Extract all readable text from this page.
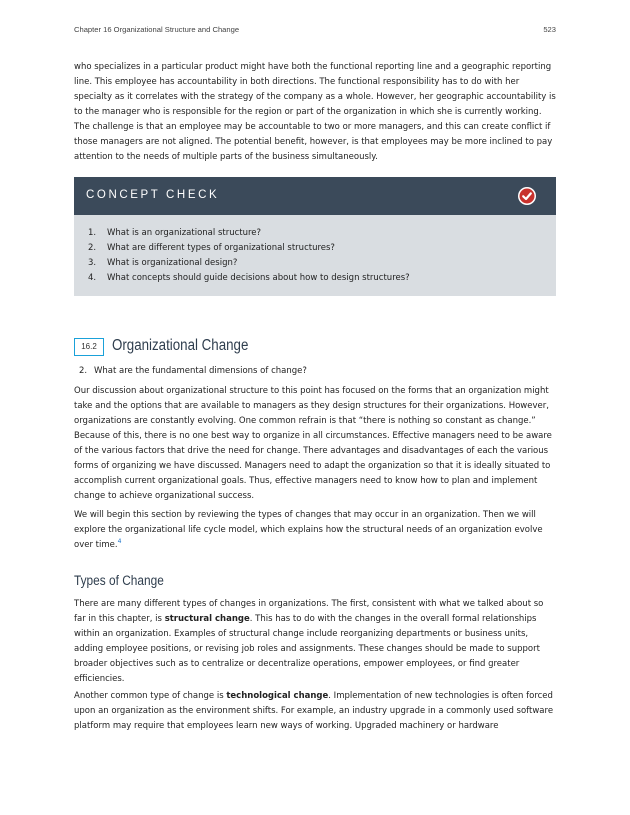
Chapter 16 Organizational Structure and Change	523

who specializes in a particular product might have both the functional reporting line and a geographic reporting line. This employee has accountability in both directions. The functional responsibility has to do with her specialty as it correlates with the strategy of the company as a whole. However, her geographic accountability is to the manager who is responsible for the region or part of the organization in which she is currently working. The challenge is that an employee may be accountable to two or more managers, and this can create conflict if those managers are not aligned. The potential benefit, however, is that employees may be more inclined to pay attention to the needs of multiple parts of the business simultaneously.

CONCEPT CHECK
1. What is an organizational structure?
2. What are different types of organizational structures?
3. What is organizational design?
4. What concepts should guide decisions about how to design structures?
16.2 Organizational Change
2. What are the fundamental dimensions of change?

Our discussion about organizational structure to this point has focused on the forms that an organization might take and the options that are available to managers as they design structures for their organizations. However, organizations are constantly evolving. One common refrain is that “there is nothing so constant as change.” Because of this, there is no one best way to organize in all circumstances. Effective managers need to be aware of the various factors that drive the need for change. There advantages and disadvantages of each the various forms of organizing we have discussed. Managers need to adapt the organization so that it is ideally situated to accomplish current organizational goals. Thus, effective managers need to know how to plan and implement change to achieve organizational success.

We will begin this section by reviewing the types of changes that may occur in an organization. Then we will explore the organizational life cycle model, which explains how the structural needs of an organization evolve over time.$^4$

Types of Change

There are many different types of changes in organizations. The first, consistent with what we talked about so far in this chapter, is structural change. This has to do with the changes in the overall formal relationships within an organization. Examples of structural change include reorganizing departments or business units, adding employee positions, or revising job roles and assignments. These changes should be made to support broader objectives such as to centralize or decentralize operations, empower employees, or find greater efficiencies.

Another common type of change is technological change. Implementation of new technologies is often forced upon an organization as the environment shifts. For example, an industry upgrade in a commonly used software platform may require that employees learn new ways of working. Upgraded machinery or hardware
